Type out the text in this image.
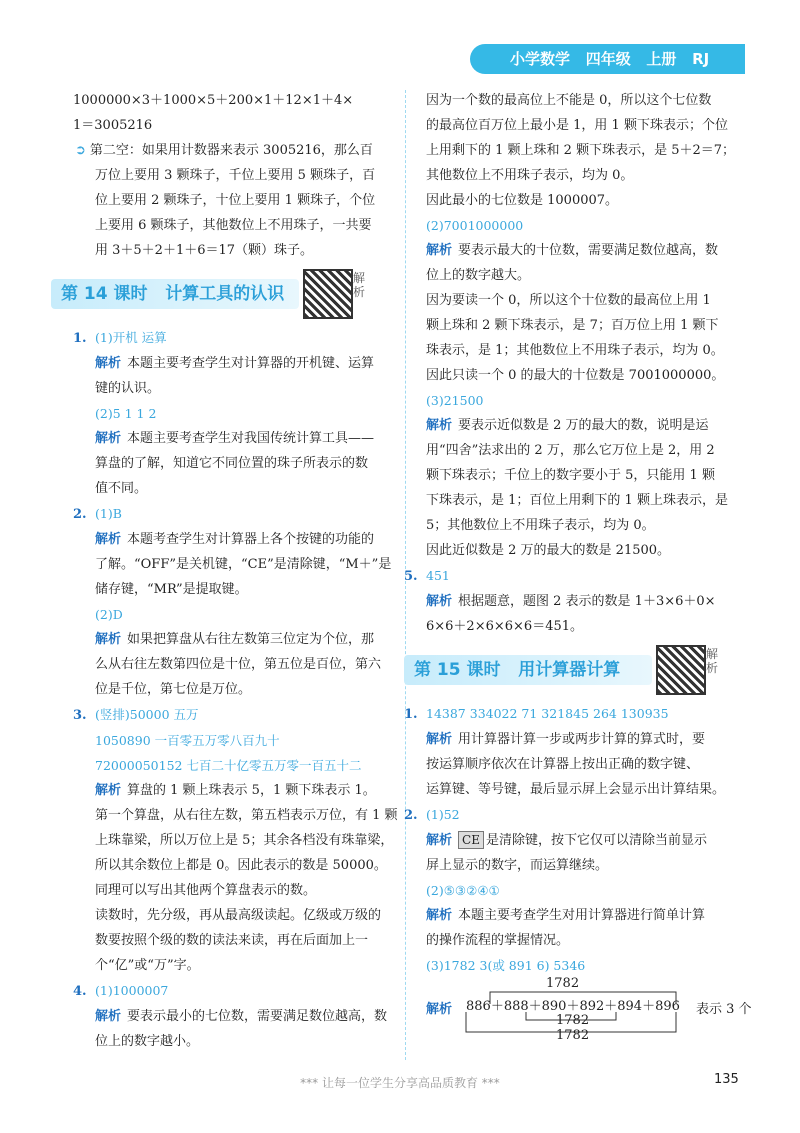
小学数学 四年级 上册 RJ
1000000×3＋1000×5＋200×1＋12×1＋4×
1＝3005216
➲ 第二空：如果用计数器来表示 3005216，那么百
万位上要用 3 颗珠子，千位上要用 5 颗珠子，百
位上要用 2 颗珠子，十位上要用 1 颗珠子，个位
上要用 6 颗珠子，其他数位上不用珠子，一共要
用 3＋5＋2＋1＋6＝17（颗）珠子。
第 14 课时   计算工具的认识
解析
1. (1)开机 运算
解析 本题主要考查学生对计算器的开机键、运算
键的认识。
(2)5 1 1 2
解析 本题主要考查学生对我国传统计算工具——
算盘的了解，知道它不同位置的珠子所表示的数
值不同。
2. (1)B
解析 本题考查学生对计算器上各个按键的功能的
了解。“OFF”是关机键，“CE”是清除键，“M＋”是
储存键，“MR”是提取键。
(2)D
解析 如果把算盘从右往左数第三位定为个位，那
么从右往左数第四位是十位，第五位是百位，第六
位是千位，第七位是万位。
3. (竖排)50000 五万
1050890 一百零五万零八百九十
72000050152 七百二十亿零五万零一百五十二
解析 算盘的 1 颗上珠表示 5，1 颗下珠表示 1。
第一个算盘，从右往左数，第五档表示万位，有 1 颗
上珠靠梁，所以万位上是 5；其余各档没有珠靠梁，
所以其余数位上都是 0。因此表示的数是 50000。
同理可以写出其他两个算盘表示的数。
读数时，先分级，再从最高级读起。亿级或万级的
数要按照个级的数的读法来读，再在后面加上一
个“亿”或“万”字。
4. (1)1000007
解析 要表示最小的七位数，需要满足数位越高，数
位上的数字越小。
因为一个数的最高位上不能是 0，所以这个七位数
的最高位百万位上最小是 1，用 1 颗下珠表示；个位
上用剩下的 1 颗上珠和 2 颗下珠表示，是 5＋2＝7；
其他数位上不用珠子表示，均为 0。
因此最小的七位数是 1000007。
(2)7001000000
解析 要表示最大的十位数，需要满足数位越高，数
位上的数字越大。
因为要读一个 0，所以这个十位数的最高位上用 1
颗上珠和 2 颗下珠表示，是 7；百万位上用 1 颗下
珠表示，是 1；其他数位上不用珠子表示，均为 0。
因此只读一个 0 的最大的十位数是 7001000000。
(3)21500
解析 要表示近似数是 2 万的最大的数，说明是运
用“四舍”法求出的 2 万，那么它万位上是 2，用 2
颗下珠表示；千位上的数字要小于 5，只能用 1 颗
下珠表示，是 1；百位上用剩下的 1 颗上珠表示，是
5；其他数位上不用珠子表示，均为 0。
因此近似数是 2 万的最大的数是 21500。
5. 451
解析 根据题意，题图 2 表示的数是 1＋3×6＋0×
6×6＋2×6×6×6＝451。
第 15 课时   用计算器计算
解析
1. 14387 334022 71 321845 264 130935
解析 用计算器计算一步或两步计算的算式时，要
按运算顺序依次在计算器上按出正确的数字键、
运算键、等号键，最后显示屏上会显示出计算结果。
2. (1)52
解析 CE 是清除键，按下它仅可以清除当前显示
屏上显示的数字，而运算继续。
(2)⑤③②④①
解析 本题主要考查学生对用计算器进行简单计算
的操作流程的掌握情况。
(3)1782 3(或 891 6) 5346
1782
解析 886＋888＋890＋892＋894＋896
1782
表示 3 个
1782
*** 让每一位学生分享高品质教育 ***	135
